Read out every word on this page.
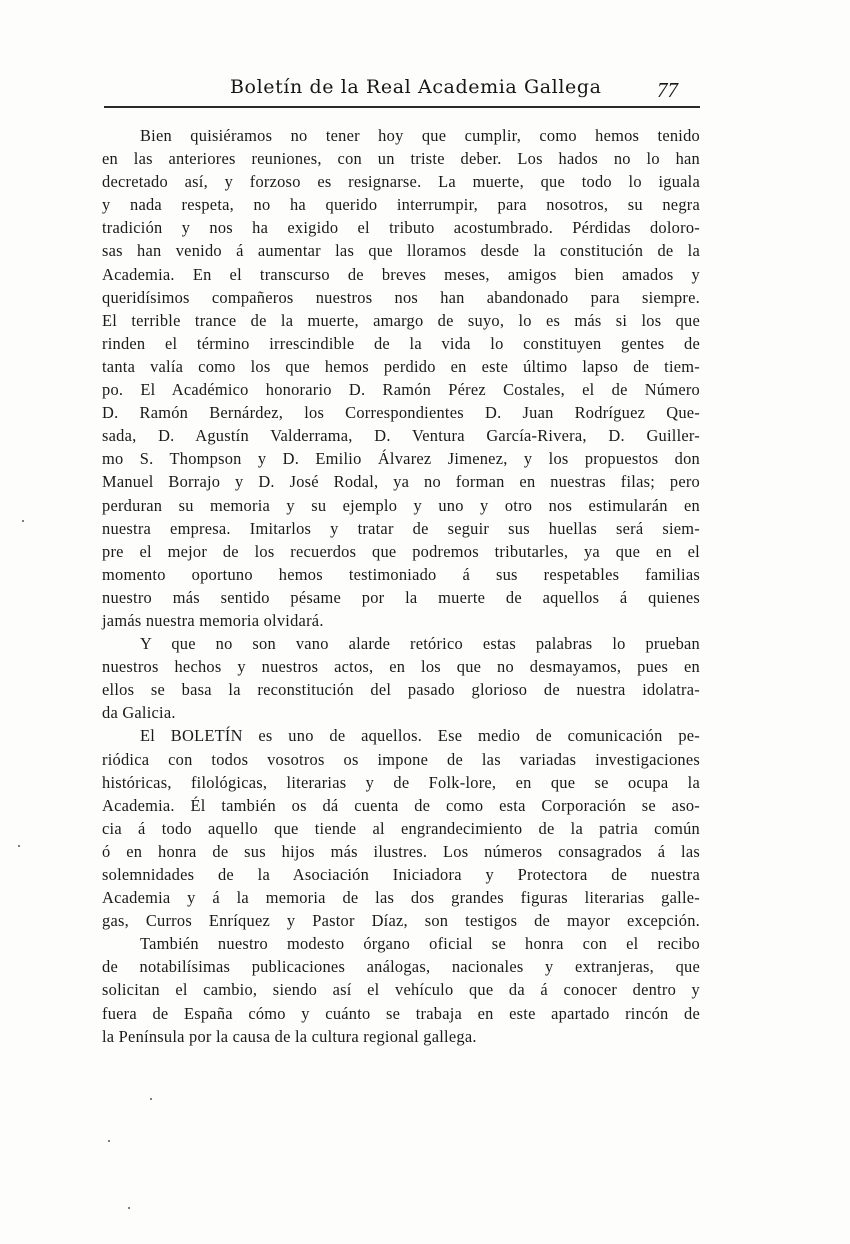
Boletín de la Real Academia Gallega	77
Bien quisiéramos no tener hoy que cumplir, como hemos tenido
en las anteriores reuniones, con un triste deber. Los hados no lo han
decretado así, y forzoso es resignarse. La muerte, que todo lo iguala
y nada respeta, no ha querido interrumpir, para nosotros, su negra
tradición y nos ha exigido el tributo acostumbrado. Pérdidas doloro-
sas han venido á aumentar las que lloramos desde la constitución de la
Academia. En el transcurso de breves meses, amigos bien amados y
queridísimos compañeros nuestros nos han abandonado para siempre.
El terrible trance de la muerte, amargo de suyo, lo es más si los que
rinden el término irrescindible de la vida lo constituyen gentes de
tanta valía como los que hemos perdido en este último lapso de tiem-
po. El Académico honorario D. Ramón Pérez Costales, el de Número
D. Ramón Bernárdez, los Correspondientes D. Juan Rodríguez Que-
sada, D. Agustín Valderrama, D. Ventura García-Rivera, D. Guiller-
mo S. Thompson y D. Emilio Álvarez Jimenez, y los propuestos don
Manuel Borrajo y D. José Rodal, ya no forman en nuestras filas; pero
perduran su memoria y su ejemplo y uno y otro nos estimularán en
nuestra empresa. Imitarlos y tratar de seguir sus huellas será siem-
pre el mejor de los recuerdos que podremos tributarles, ya que en el
momento oportuno hemos testimoniado á sus respetables familias
nuestro más sentido pésame por la muerte de aquellos á quienes
jamás nuestra memoria olvidará.
Y que no son vano alarde retórico estas palabras lo prueban
nuestros hechos y nuestros actos, en los que no desmayamos, pues en
ellos se basa la reconstitución del pasado glorioso de nuestra idolatra-
da Galicia.
El BOLETÍN es uno de aquellos. Ese medio de comunicación pe-
riódica con todos vosotros os impone de las variadas investigaciones
históricas, filológicas, literarias y de Folk-lore, en que se ocupa la
Academia. Él también os dá cuenta de como esta Corporación se aso-
cia á todo aquello que tiende al engrandecimiento de la patria común
ó en honra de sus hijos más ilustres. Los números consagrados á las
solemnidades de la Asociación Iniciadora y Protectora de nuestra
Academia y á la memoria de las dos grandes figuras literarias galle-
gas, Curros Enríquez y Pastor Díaz, son testigos de mayor excepción.
También nuestro modesto órgano oficial se honra con el recibo
de notabilísimas publicaciones análogas, nacionales y extranjeras, que
solicitan el cambio, siendo así el vehículo que da á conocer dentro y
fuera de España cómo y cuánto se trabaja en este apartado rincón de
la Península por la causa de la cultura regional gallega.
